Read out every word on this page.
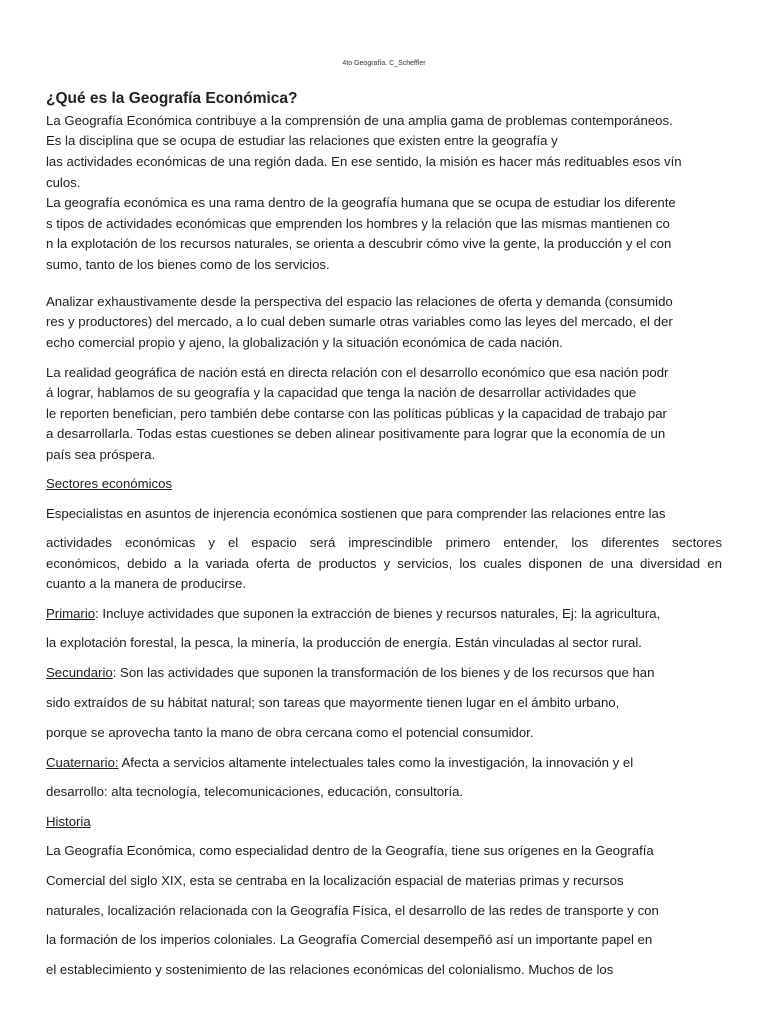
4to Geografía. C_Scheffler
¿Qué es la Geografía Económica?
La Geografía Económica contribuye a la comprensión de una amplia gama de problemas contemporáneos.
Es la disciplina que se ocupa de estudiar las relaciones que existen entre la geografía y
las actividades económicas de una región dada. En ese sentido, la misión es hacer más redituables esos vín
culos.
La geografía económica es una rama dentro de la geografía humana que se ocupa de estudiar los diferente
s tipos de actividades económicas que emprenden los hombres y la relación que las mismas mantienen co
n la explotación de los recursos naturales, se orienta a descubrir cómo vive la gente, la producción y el con
sumo, tanto de los bienes como de los servicios.
Analizar exhaustivamente desde la perspectiva del espacio las relaciones de oferta y demanda (consumido
res y productores) del mercado, a lo cual deben sumarle otras variables como las leyes del mercado, el der
echo comercial propio y ajeno, la globalización y la situación económica de cada nación.
La realidad geográfica de nación está en directa relación con el desarrollo económico que esa nación podr
á lograr, hablamos de su geografía y la capacidad que tenga la nación de desarrollar actividades que
le reporten benefician, pero también debe contarse con las políticas públicas y la capacidad de trabajo par
a desarrollarla. Todas estas cuestiones se deben alinear positivamente para lograr que la economía de un
país sea próspera.
Sectores económicos
Especialistas en asuntos de injerencia económica sostienen que para comprender las relaciones entre las
actividades económicas y el espacio será imprescindible primero entender, los diferentes sectores
económicos, debido a la variada oferta de productos y servicios, los cuales disponen de una diversidad en
cuanto a la manera de producirse.
Primario: Incluye actividades que suponen la extracción de bienes y recursos naturales, Ej: la agricultura,
la explotación forestal, la pesca, la minería, la producción de energía. Están vinculadas al sector rural.
Secundario: Son las actividades que suponen la transformación de los bienes y de los recursos que han
sido extraídos de su hábitat natural; son tareas que mayormente tienen lugar en el ámbito urbano,
porque se aprovecha tanto la mano de obra cercana como el potencial consumidor.
Cuaternario: Afecta a servicios altamente intelectuales tales como la investigación, la innovación y el
desarrollo: alta tecnología, telecomunicaciones, educación, consultoría.
Historia
La Geografía Económica, como especialidad dentro de la Geografía, tiene sus orígenes en la Geografía
Comercial del siglo XIX, esta se centraba en la localización espacial de materias primas y recursos
naturales, localización relacionada con la Geografía Física, el desarrollo de las redes de transporte y con
la formación de los imperios coloniales. La Geografía Comercial desempeñó así un importante papel en
el establecimiento y sostenimiento de las relaciones económicas del colonialismo. Muchos de los
